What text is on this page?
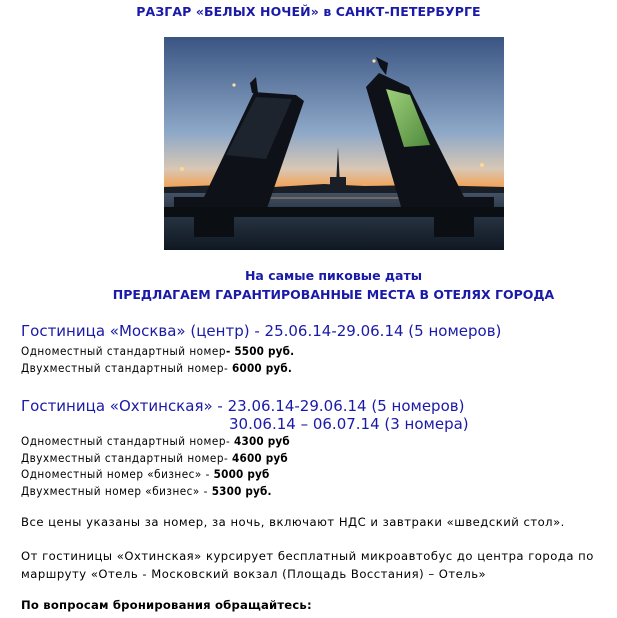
РАЗГАР «БЕЛЫХ НОЧЕЙ» в САНКТ-ПЕТЕРБУРГЕ
На самые пиковые даты
ПРЕДЛАГАЕМ ГАРАНТИРОВАННЫЕ МЕСТА В ОТЕЛЯХ ГОРОДА
Гостиница «Москва» (центр) - 25.06.14-29.06.14 (5 номеров)
Одноместный стандартный номер- 5500 руб.
Двухместный стандартный номер- 6000 руб.
Гостиница «Охтинская» - 23.06.14-29.06.14 (5 номеров)
30.06.14 – 06.07.14 (3 номера)
Одноместный стандартный номер- 4300 руб
Двухместный стандартный номер- 4600 руб
Одноместный номер «бизнес» - 5000 руб
Двухместный номер «бизнес» - 5300 руб.
Все цены указаны за номер, за ночь, включают НДС и завтраки «шведский стол».
От гостиницы «Охтинская» курсирует бесплатный микроавтобус до центра города по маршруту «Отель - Московский вокзал (Площадь Восстания) – Отель»
По вопросам бронирования обращайтесь:
